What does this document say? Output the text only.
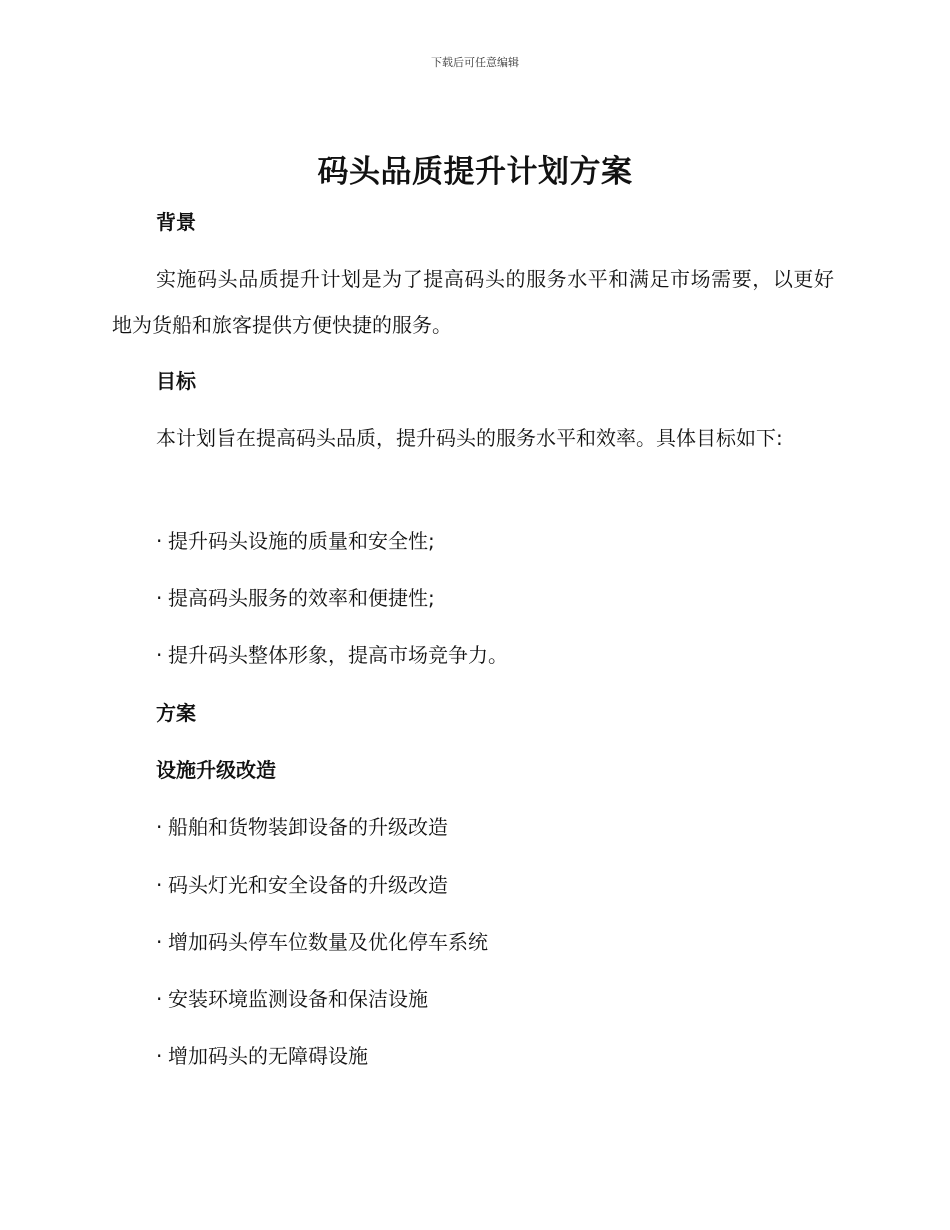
下载后可任意编辑
码头品质提升计划方案
背景
实施码头品质提升计划是为了提高码头的服务水平和满足市场需要，以更好地为货船和旅客提供方便快捷的服务。
目标
本计划旨在提高码头品质，提升码头的服务水平和效率。具体目标如下:
· 提升码头设施的质量和安全性;
· 提高码头服务的效率和便捷性;
· 提升码头整体形象，提高市场竞争力。
方案
设施升级改造
· 船舶和货物装卸设备的升级改造
· 码头灯光和安全设备的升级改造
· 增加码头停车位数量及优化停车系统
· 安装环境监测设备和保洁设施
· 增加码头的无障碍设施
